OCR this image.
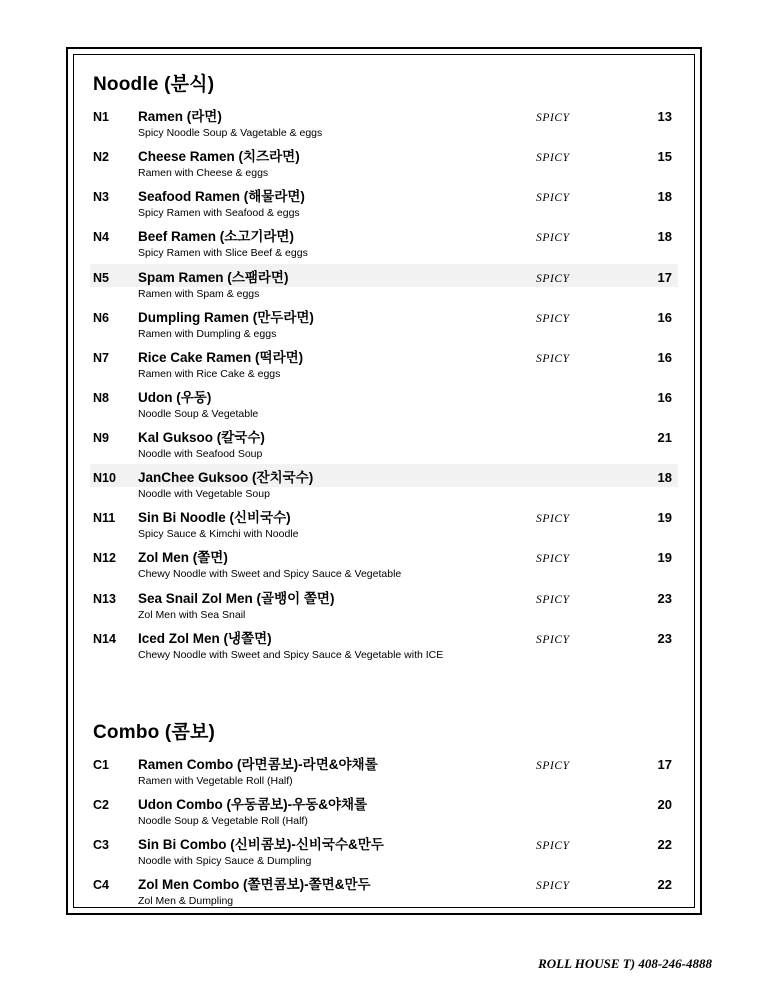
Noodle (분식)
N1	Ramen (라면)	SPICY	13
Spicy Noodle Soup & Vagetable & eggs
N2	Cheese Ramen (치즈라면)	SPICY	15
Ramen with Cheese & eggs
N3	Seafood Ramen (해물라면)	SPICY	18
Spicy Ramen with Seafood & eggs
N4	Beef Ramen (소고기라면)	SPICY	18
Spicy Ramen with Slice Beef & eggs
N5	Spam Ramen (스팸라면)	SPICY	17
Ramen with Spam & eggs
N6	Dumpling Ramen (만두라면)	SPICY	16
Ramen with Dumpling & eggs
N7	Rice Cake Ramen (떡라면)	SPICY	16
Ramen with Rice Cake & eggs
N8	Udon (우동)	16
Noodle Soup & Vegetable
N9	Kal Guksoo (칼국수)	21
Noodle with Seafood Soup
N10	JanChee Guksoo (잔치국수)	18
Noodle with Vegetable Soup
N11	Sin Bi Noodle (신비국수)	SPICY	19
Spicy Sauce & Kimchi with Noodle
N12	Zol Men (쫄면)	SPICY	19
Chewy Noodle with Sweet and Spicy Sauce & Vegetable
N13	Sea Snail Zol Men (골뱅이 쫄면)	SPICY	23
Zol Men with Sea Snail
N14	Iced Zol Men (냉쫄면)	SPICY	23
Chewy Noodle with Sweet and Spicy Sauce & Vegetable with ICE
Combo (콤보)
C1	Ramen Combo (라면콤보)-라면&야채롤	SPICY	17
Ramen with Vegetable Roll (Half)
C2	Udon Combo (우동콤보)-우동&야채롤	20
Noodle Soup & Vegetable Roll (Half)
C3	Sin Bi Combo (신비콤보)-신비국수&만두	SPICY	22
Noodle with Spicy Sauce & Dumpling
C4	Zol Men Combo (쫄면콤보)-쫄면&만두	SPICY	22
Zol Men & Dumpling
ROLL HOUSE T) 408-246-4888
